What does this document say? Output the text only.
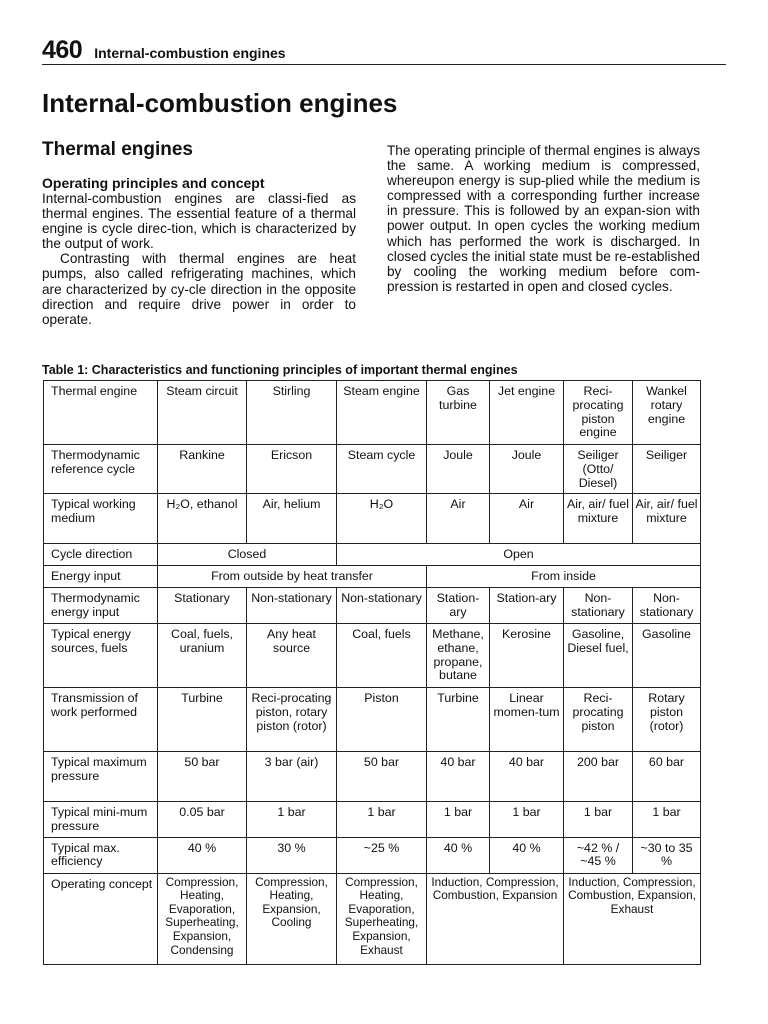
460 Internal-combustion engines
Internal-combustion engines
Thermal engines

Operating principles and concept

Internal-combustion engines are classi-fied as thermal engines. The essential feature of a thermal engine is cycle direc-tion, which is characterized by the output of work.

Contrasting with thermal engines are heat pumps, also called refrigerating machines, which are characterized by cy-cle direction in the opposite direction and require drive power in order to operate.

The operating principle of thermal engines is always the same. A working medium is compressed, whereupon energy is sup-plied while the medium is compressed with a corresponding further increase in pressure. This is followed by an expan-sion with power output. In open cycles the working medium which has performed the work is discharged. In closed cycles the initial state must be re-established by cooling the working medium before com-pression is restarted in open and closed cycles.

Table 1: Characteristics and functioning principles of important thermal engines
Thermal engine	Steam circuit	Stirling	Steam engine	Gas turbine	Jet engine	Reci-procating piston engine	Wankel rotary engine
Thermodynamic reference cycle	Rankine	Ericson	Steam cycle	Joule	Joule	Seiliger (Otto/ Diesel)	Seiliger
Typical working medium	H₂O, ethanol	Air, helium	H₂O	Air	Air	Air, air/ fuel mixture	Air, air/ fuel mixture
Cycle direction	Closed		Open				
Energy input	From outside by heat transfer			From inside			
Thermodynamic energy input	Stationary	Non-stationary	Non-stationary	Station-ary	Station-ary	Non-stationary	Non-stationary
Typical energy sources, fuels	Coal, fuels, uranium	Any heat source	Coal, fuels	Methane, ethane, propane, butane	Kerosine	Gasoline, Diesel fuel,	Gasoline
Transmission of work performed	Turbine	Reci-procating piston, rotary piston (rotor)	Piston	Turbine	Linear momen-tum	Reci-procating piston	Rotary piston (rotor)
Typical maximum pressure	50 bar	3 bar (air)	50 bar	40 bar	40 bar	200 bar	60 bar
Typical mini-mum pressure	0.05 bar	1 bar	1 bar	1 bar	1 bar	1 bar	1 bar
Typical max. efficiency	40 %	30 %	~25 %	40 %	40 %	~42 % / ~45 %	~30 to 35 %
Operating concept	Compression, Heating, Evaporation, Superheating, Expansion, Condensing	Compression, Heating, Expansion, Cooling	Compression, Heating, Evaporation, Superheating, Expansion, Exhaust	Induction, Compression, Combustion, Expansion		Induction, Compression, Combustion, Expansion, Exhaust	
